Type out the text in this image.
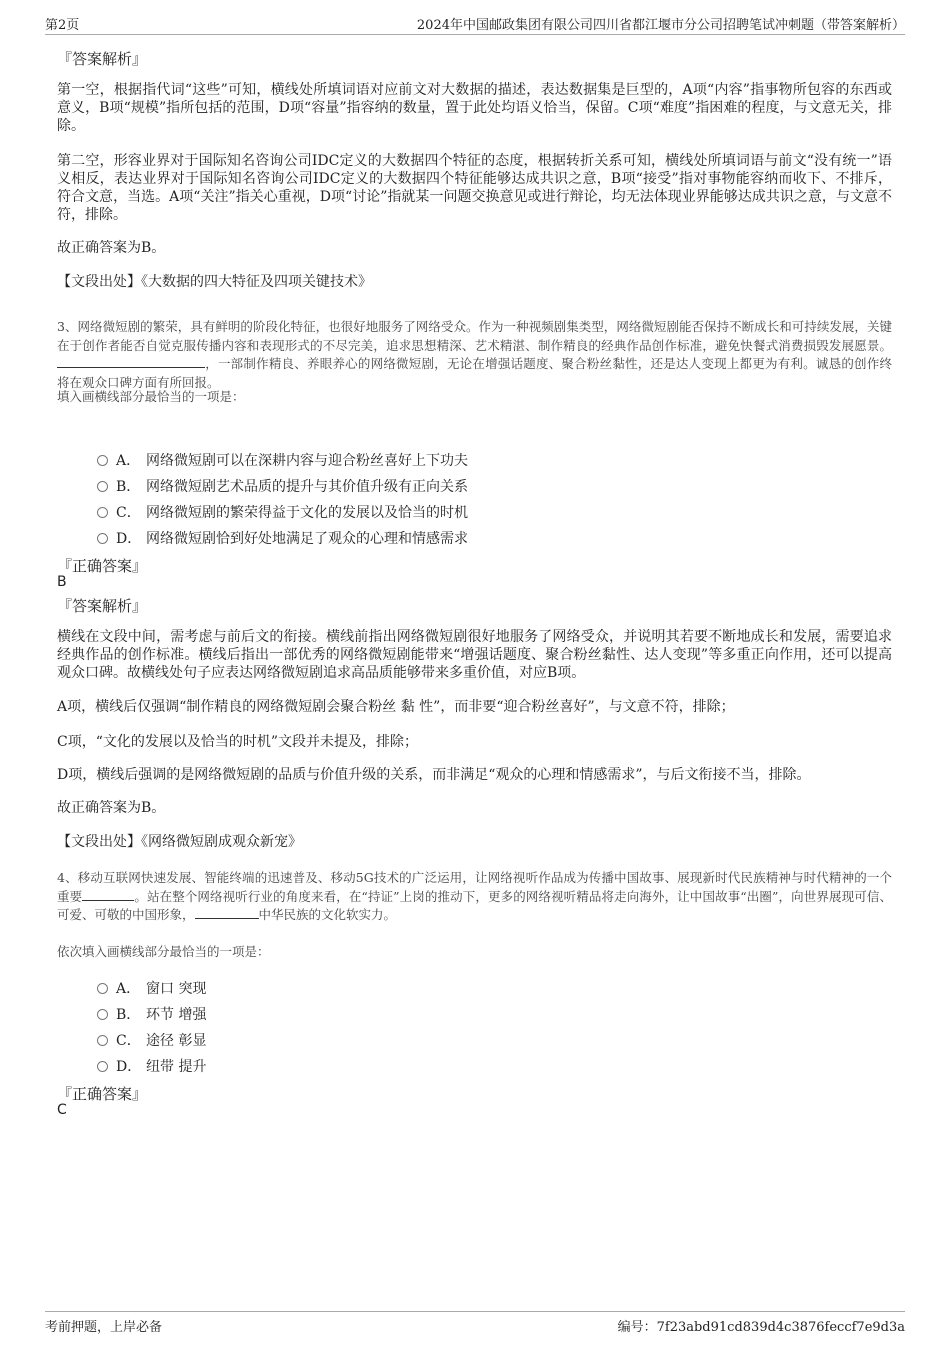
第2页	2024年中国邮政集团有限公司四川省都江堰市分公司招聘笔试冲刺题（带答案解析）
『答案解析』
第一空，根据指代词“这些”可知，横线处所填词语对应前文对大数据的描述，表达数据集是巨型的，A项“内容”指事物所包容的东西或意义，B项“规模”指所包括的范围，D项“容量”指容纳的数量，置于此处均语义恰当，保留。C项“难度”指困难的程度，与文意无关，排除。
第二空，形容业界对于国际知名咨询公司IDC定义的大数据四个特征的态度，根据转折关系可知，横线处所填词语与前文“没有统一”语义相反，表达业界对于国际知名咨询公司IDC定义的大数据四个特征能够达成共识之意，B项“接受”指对事物能容纳而收下、不排斥，符合文意，当选。A项“关注”指关心重视，D项“讨论”指就某一问题交换意见或进行辩论，均无法体现业界能够达成共识之意，与文意不符，排除。
故正确答案为B。
【文段出处】《大数据的四大特征及四项关键技术》
3、网络微短剧的繁荣，具有鲜明的阶段化特征，也很好地服务了网络受众。作为一种视频剧集类型，网络微短剧能否保持不断成长和可持续发展，关键在于创作者能否自觉克服传播内容和表现形式的不尽完美，追求思想精深、艺术精湛、制作精良的经典作品创作标准，避免快餐式消费损毁发展愿景。，一部制作精良、养眼养心的网络微短剧，无论在增强话题度、聚合粉丝黏性，还是达人变现上都更为有利。诚恳的创作终将在观众口碑方面有所回报。
填入画横线部分最恰当的一项是：
A． 网络微短剧可以在深耕内容与迎合粉丝喜好上下功夫
B． 网络微短剧艺术品质的提升与其价值升级有正向关系
C． 网络微短剧的繁荣得益于文化的发展以及恰当的时机
D． 网络微短剧恰到好处地满足了观众的心理和情感需求
『正确答案』
B
『答案解析』
横线在文段中间，需考虑与前后文的衔接。横线前指出网络微短剧很好地服务了网络受众，并说明其若要不断地成长和发展，需要追求经典作品的创作标准。横线后指出一部优秀的网络微短剧能带来“增强话题度、聚合粉丝黏性、达人变现”等多重正向作用，还可以提高观众口碑。故横线处句子应表达网络微短剧追求高品质能够带来多重价值，对应B项。
A项，横线后仅强调“制作精良的网络微短剧会聚合粉丝 黏 性”，而非要“迎合粉丝喜好”，与文意不符，排除；
C项，“文化的发展以及恰当的时机”文段并未提及，排除；
D项，横线后强调的是网络微短剧的品质与价值升级的关系，而非满足“观众的心理和情感需求”，与后文衔接不当，排除。
故正确答案为B。
【文段出处】《网络微短剧成观众新宠》
4、移动互联网快速发展、智能终端的迅速普及、移动5G技术的广泛运用，让网络视听作品成为传播中国故事、展现新时代民族精神与时代精神的一个重要	。站在整个网络视听行业的角度来看，在“持证”上岗的推动下，更多的网络视听精品将走向海外，让中国故事“出圈”，向世界展现可信、可爱、可敬的中国形象，	中华民族的文化软实力。
依次填入画横线部分最恰当的一项是：
A． 窗口 突现
B． 环节 增强
C． 途径 彰显
D． 纽带 提升
『正确答案』
C
考前押题，上岸必备	编号：7f23abd91cd839d4c3876feccf7e9d3a
